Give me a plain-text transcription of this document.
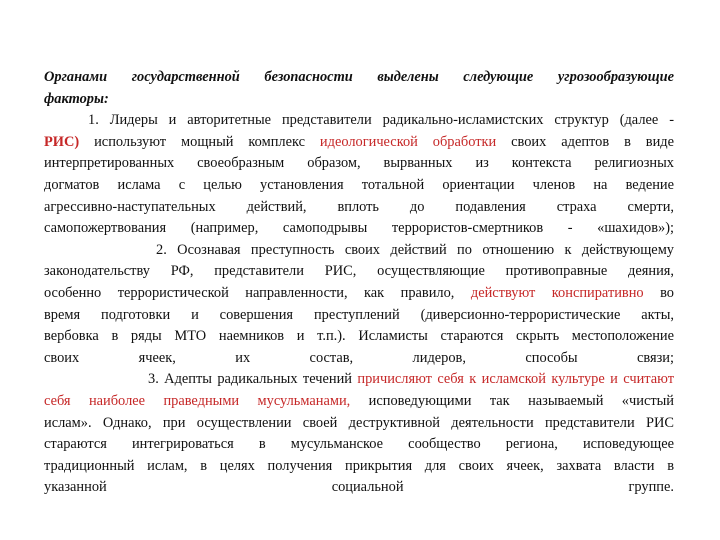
Органами государственной безопасности выделены следующие угрозообразующие
факторы:
1. Лидеры и авторитетные представители радикально-исламистских структур (далее -
РИС) используют мощный комплекс идеологической обработки своих адептов в виде
интерпретированных своеобразным образом, вырванных из контекста религиозных
догматов ислама с целью установления тотальной ориентации членов на ведение
агрессивно-наступательных действий, вплоть до подавления страха смерти,
самопожертвования (например, самоподрывы террористов-смертников - «шахидов»);
2. Осознавая преступность своих действий по отношению к действующему
законодательству РФ, представители РИС, осуществляющие противоправные деяния,
особенно террористической направленности, как правило, действуют конспиративно во
время подготовки и совершения преступлений (диверсионно-террористические акты,
вербовка в ряды МТО наемников и т.п.). Исламисты стараются скрыть местоположение
своих ячеек, их состав, лидеров, способы связи;
3. Адепты радикальных течений причисляют себя к исламской культуре и считают
себя наиболее праведными мусульманами, исповедующими так называемый «чистый
ислам». Однако, при осуществлении своей деструктивной деятельности представители РИС
стараются интегрироваться в мусульманское сообщество региона, исповедующее
традиционный ислам, в целях получения прикрытия для своих ячеек, захвата власти в
указанной социальной группе.
